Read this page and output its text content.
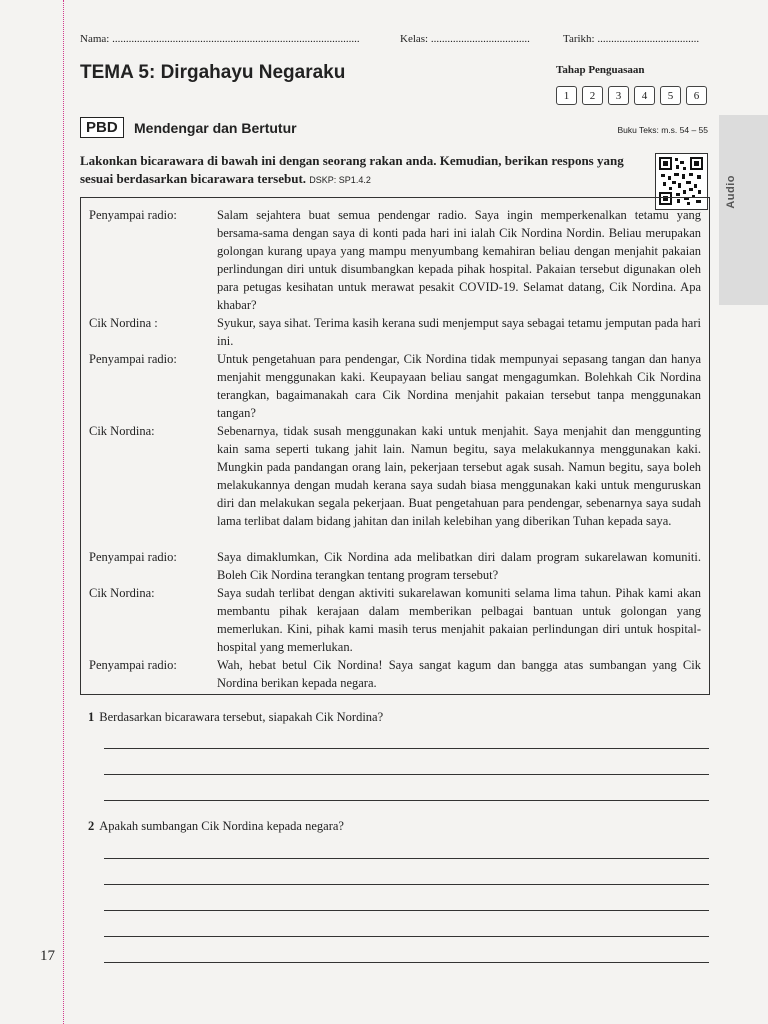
17
Audio
Nama: ..........................................................................................	Kelas: ....................................	Tarikh: .....................................
TEMA 5: Dirgahayu Negaraku	Tahap Penguasaan
1	2	3	4	5	6
PBD	Mendengar dan Bertutur	Buku Teks: m.s. 54 – 55
Lakonkan bicarawara di bawah ini dengan seorang rakan anda. Kemudian, berikan respons yang sesuai berdasarkan bicarawara tersebut. DSKP: SP1.4.2
Penyampai radio:	Salam sejahtera buat semua pendengar radio. Saya ingin memperkenalkan tetamu yang bersama-sama dengan saya di konti pada hari ini ialah Cik Nordina Nordin. Beliau merupakan golongan kurang upaya yang mampu menyumbang kemahiran beliau dengan menjahit pakaian perlindungan diri untuk disumbangkan kepada pihak hospital. Pakaian tersebut digunakan oleh para petugas kesihatan untuk merawat pesakit COVID-19. Selamat datang, Cik Nordina. Apa khabar?
Cik Nordina :	Syukur, saya sihat. Terima kasih kerana sudi menjemput saya sebagai tetamu jemputan pada hari ini.
Penyampai radio:	Untuk pengetahuan para pendengar, Cik Nordina tidak mempunyai sepasang tangan dan hanya menjahit menggunakan kaki. Keupayaan beliau sangat mengagumkan. Bolehkah Cik Nordina terangkan, bagaimanakah cara Cik Nordina menjahit pakaian tersebut tanpa menggunakan tangan?
Cik Nordina:	Sebenarnya, tidak susah menggunakan kaki untuk menjahit. Saya menjahit dan menggunting kain sama seperti tukang jahit lain. Namun begitu, saya melakukannya menggunakan kaki. Mungkin pada pandangan orang lain, pekerjaan tersebut agak susah. Namun begitu, saya boleh melakukannya dengan mudah kerana saya sudah biasa menggunakan kaki untuk menguruskan diri dan melakukan segala pekerjaan. Buat pengetahuan para pendengar, sebenarnya saya sudah lama terlibat dalam bidang jahitan dan inilah kelebihan yang diberikan Tuhan kepada saya.
Penyampai radio:	Saya dimaklumkan, Cik Nordina ada melibatkan diri dalam program sukarelawan komuniti. Boleh Cik Nordina terangkan tentang program tersebut?
Cik Nordina:	Saya sudah terlibat dengan aktiviti sukarelawan komuniti selama lima tahun. Pihak kami akan membantu pihak kerajaan dalam memberikan pelbagai bantuan untuk golongan yang memerlukan. Kini, pihak kami masih terus menjahit pakaian perlindungan diri untuk hospital-hospital yang memerlukan.
Penyampai radio:	Wah, hebat betul Cik Nordina! Saya sangat kagum dan bangga atas sumbangan yang Cik Nordina berikan kepada negara.
1 Berdasarkan bicarawara tersebut, siapakah Cik Nordina?
2 Apakah sumbangan Cik Nordina kepada negara?
